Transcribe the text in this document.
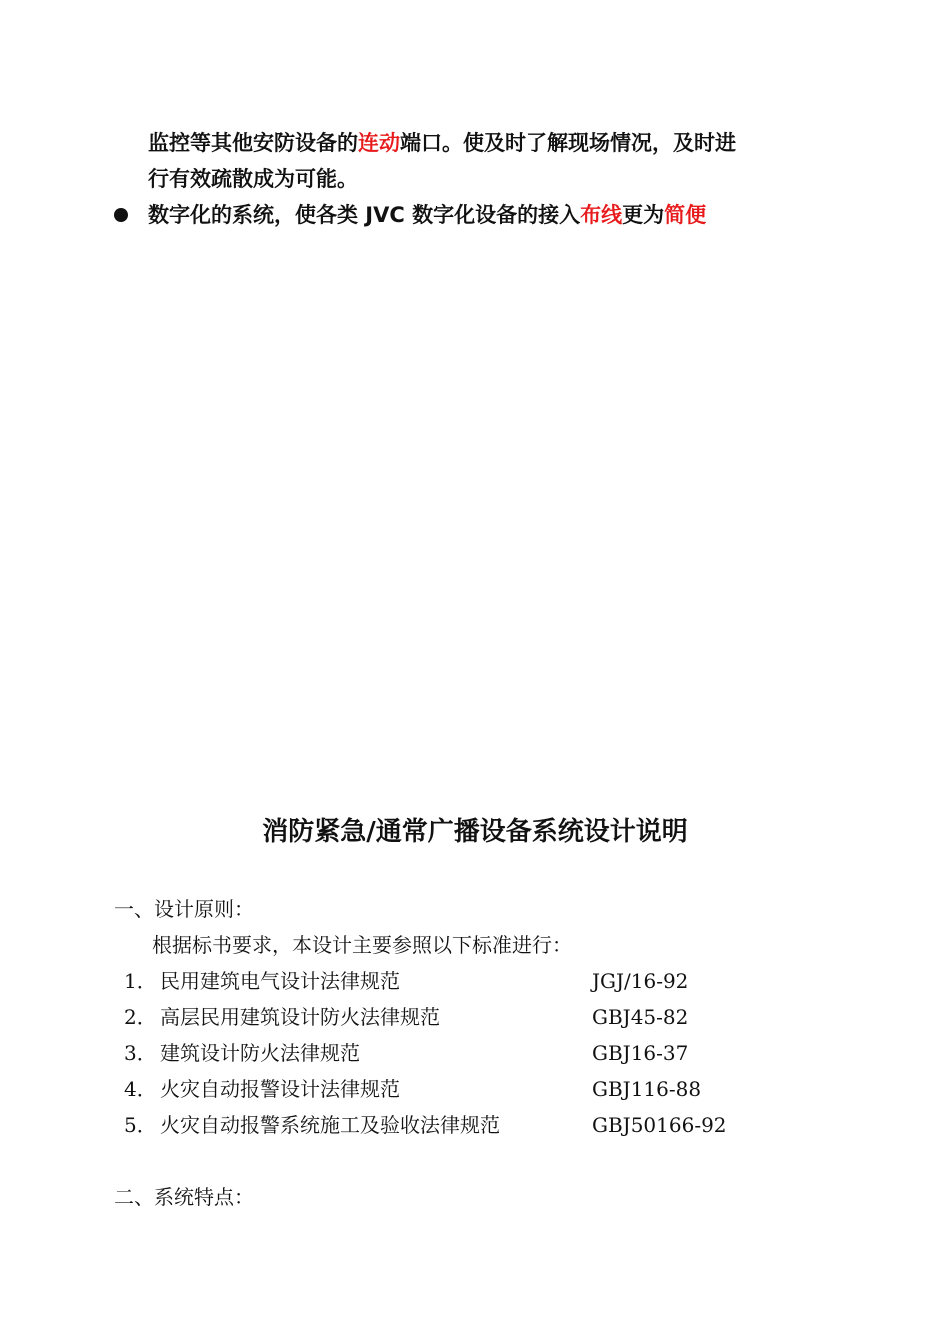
监控等其他安防设备的连动端口。使及时了解现场情况，及时进
行有效疏散成为可能。
数字化的系统，使各类 JVC 数字化设备的接入布线更为简便
消防紧急/通常广播设备系统设计说明
一、设计原则：
根据标书要求，本设计主要参照以下标准进行：
1． 民用建筑电气设计法律规范	JGJ/16-92
2． 高层民用建筑设计防火法律规范	GBJ45-82
3． 建筑设计防火法律规范	GBJ16-37
4． 火灾自动报警设计法律规范	GBJ116-88
5． 火灾自动报警系统施工及验收法律规范	GBJ50166-92
二、系统特点：
